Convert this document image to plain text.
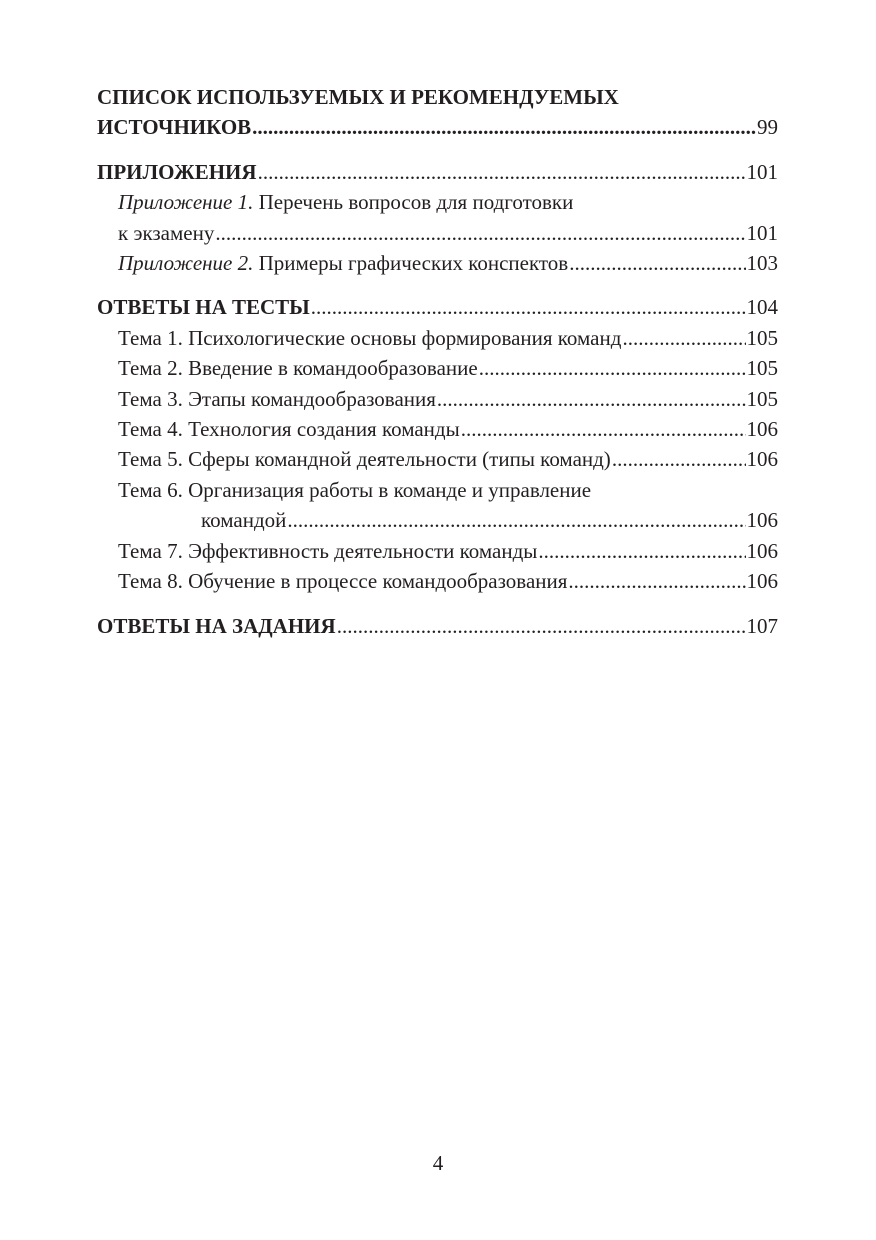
СПИСОК ИСПОЛЬЗУЕМЫХ И РЕКОМЕНДУЕМЫХ
ИСТОЧНИКОВ .....	99
ПРИЛОЖЕНИЯ .....	101
Приложение 1. Перечень вопросов для подготовки
к экзамену .....	101
Приложение 2. Примеры графических конспектов .....	103
ОТВЕТЫ НА ТЕСТЫ .....	104
Тема 1. Психологические основы формирования команд .....	105
Тема 2. Введение в командообразование .....	105
Тема 3. Этапы командообразования .....	105
Тема 4. Технология создания команды .....	106
Тема 5. Сферы командной деятельности (типы команд) .....	106
Тема 6. Организация работы в команде и управление
командой .....	106
Тема 7. Эффективность деятельности команды .....	106
Тема 8. Обучение в процессе командообразования .....	106
ОТВЕТЫ НА ЗАДАНИЯ .....	107
4
